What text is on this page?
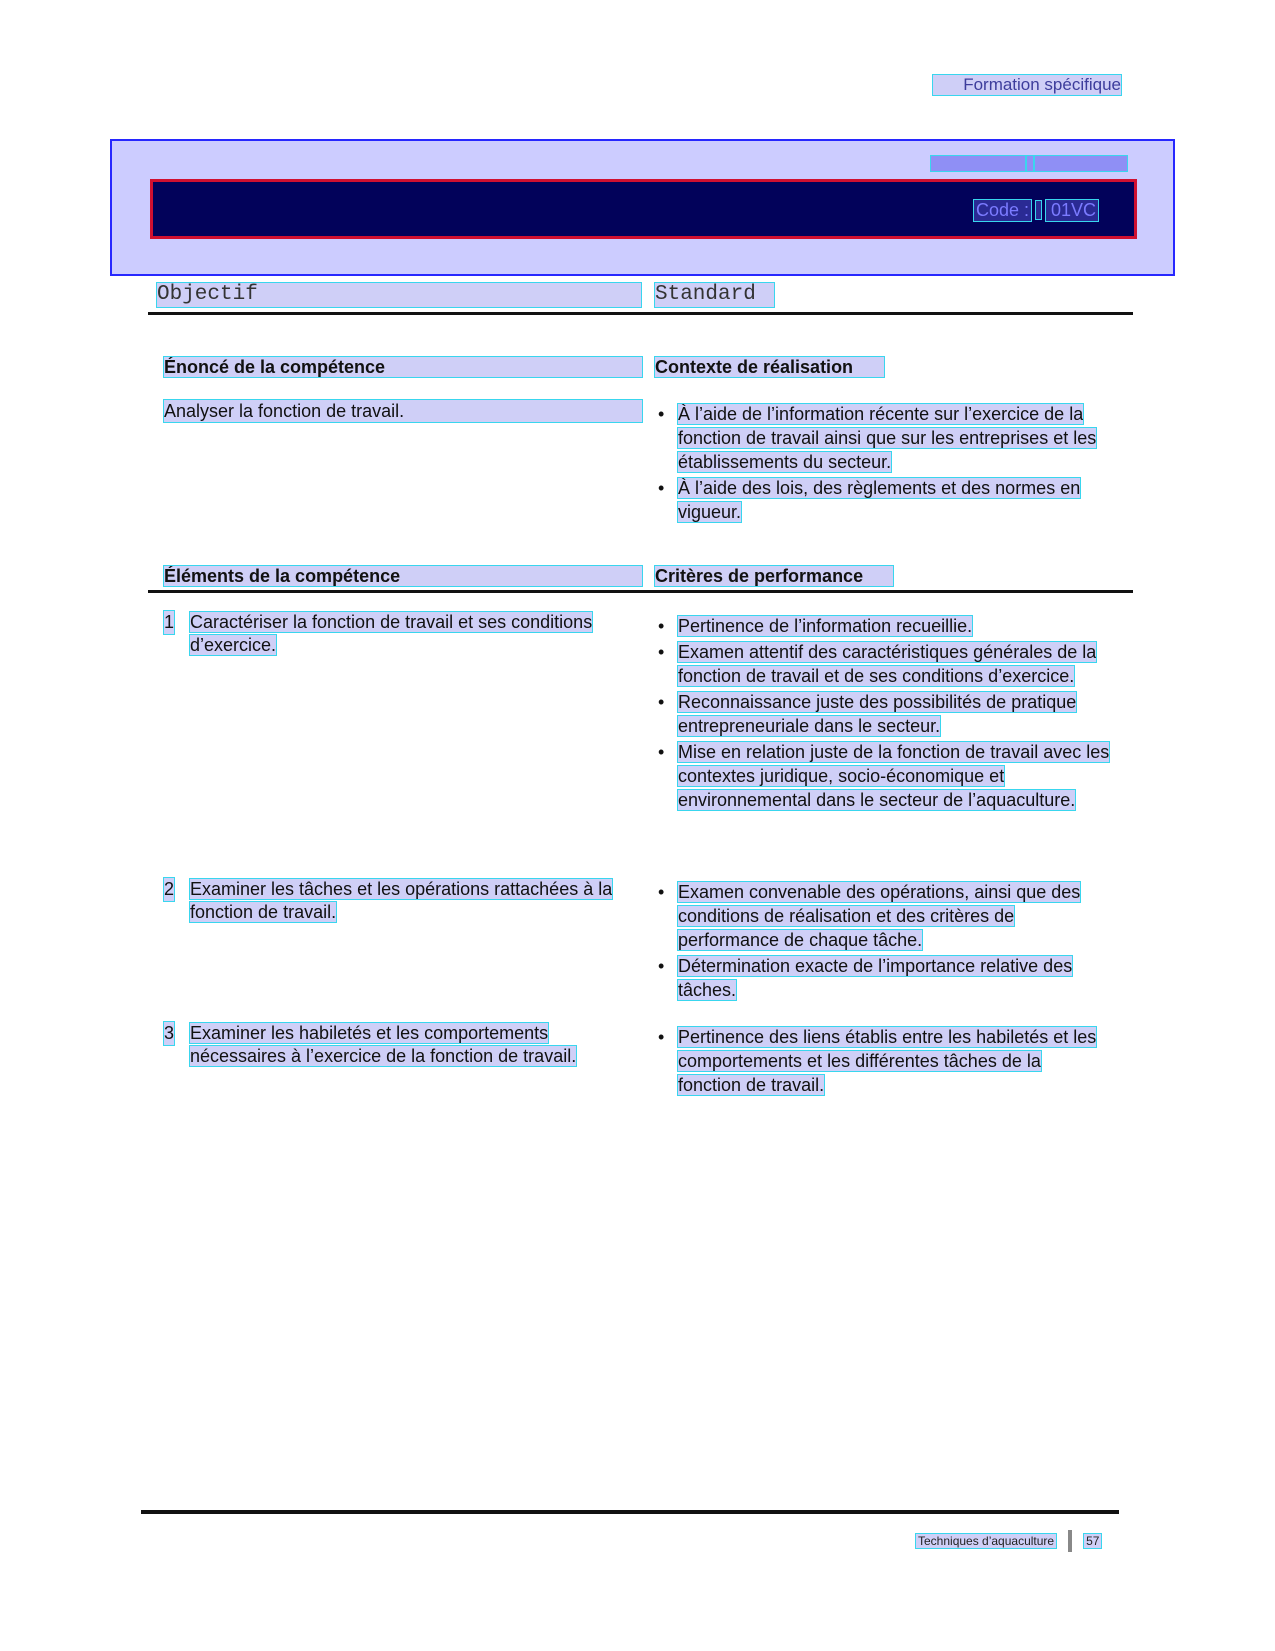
Formation spécifique
Code :	01VC
Objectif	Standard
Énoncé de la compétence	Contexte de réalisation
Analyser la fonction de travail.
•	À l’aide de l’information récente sur l’exercice de la fonction de travail ainsi que sur les entreprises et les établissements du secteur.
• À l’aide des lois, des règlements et des normes en vigueur.
Éléments de la compétence	Critères de performance
1 Caractériser la fonction de travail et ses conditions d’exercice.
• Pertinence de l’information recueillie.
• Examen attentif des caractéristiques générales de la fonction de travail et de ses conditions d’exercice.
• Reconnaissance juste des possibilités de pratique entrepreneuriale dans le secteur.
• Mise en relation juste de la fonction de travail avec les contextes juridique, socio-économique et environnemental dans le secteur de l’aquaculture.
2 Examiner les tâches et les opérations rattachées à la fonction de travail.
• Examen convenable des opérations, ainsi que des conditions de réalisation et des critères de performance de chaque tâche.
• Détermination exacte de l’importance relative des tâches.
3 Examiner les habiletés et les comportements nécessaires à l’exercice de la fonction de travail.
• Pertinence des liens établis entre les habiletés et les comportements et les différentes tâches de la fonction de travail.
Techniques d’aquaculture	57
